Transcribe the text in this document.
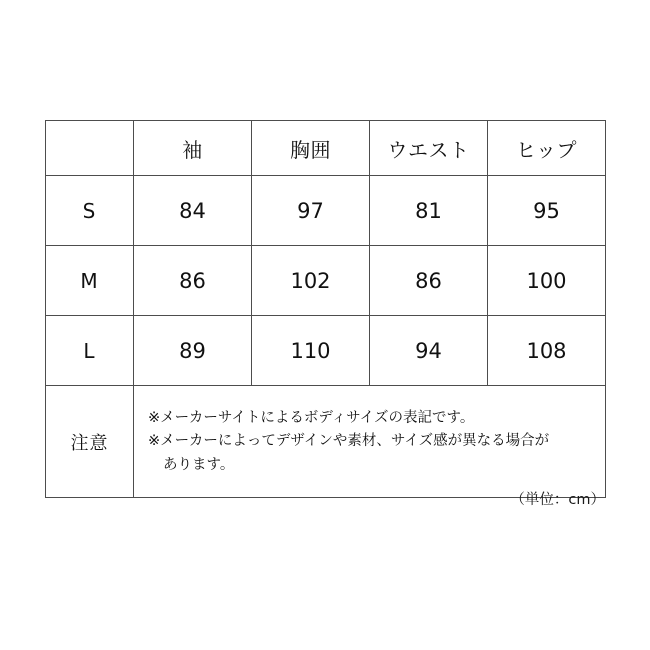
	袖	胸囲	ウエスト	ヒップ
S	84	97	81	95
M	86	102	86	100
L	89	110	94	108
注意	※メーカーサイトによるボディサイズの表記です。
※メーカーによってデザインや素材、サイズ感が異なる場合が
あります。			
（単位：cm）
